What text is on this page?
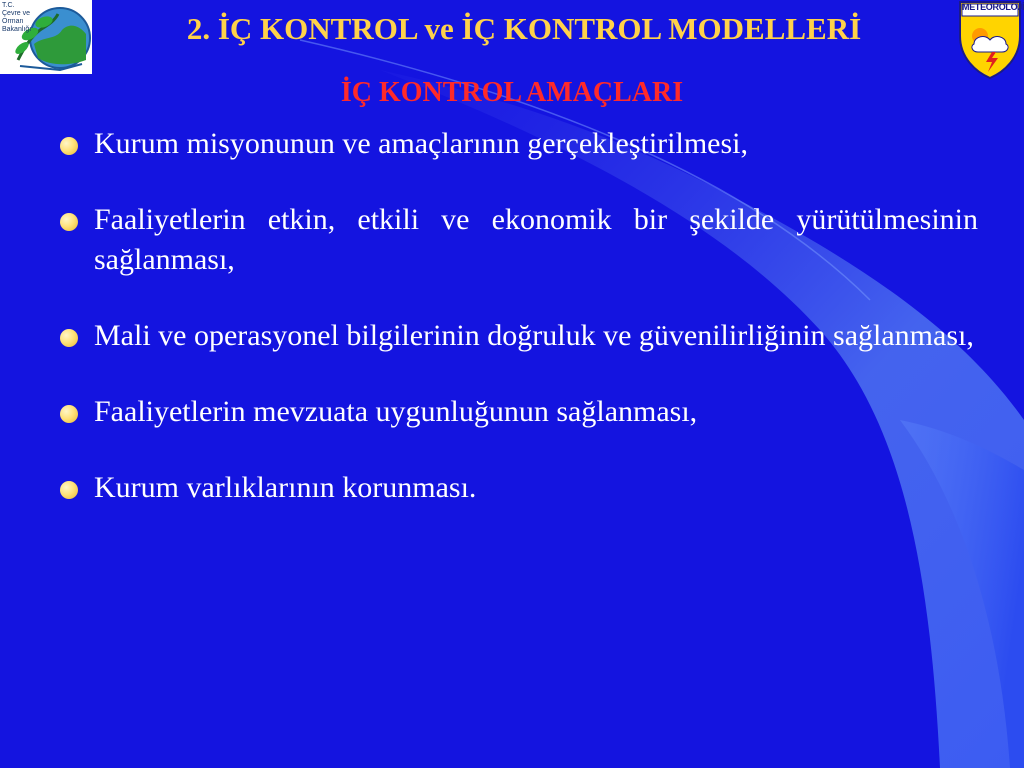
T.C.
Çevre ve Orman
Bakanlığı
METEOROLOJİ
2. İÇ KONTROL ve İÇ KONTROL MODELLERİ
İÇ KONTROL AMAÇLARI
Kurum misyonunun ve amaçlarının gerçekleştirilmesi,
Faaliyetlerin etkin, etkili ve ekonomik bir şekilde yürütülmesinin sağlanması,
Mali ve operasyonel bilgilerinin doğruluk ve güvenilirliğinin sağlanması,
Faaliyetlerin mevzuata uygunluğunun sağlanması,
Kurum varlıklarının korunması.
